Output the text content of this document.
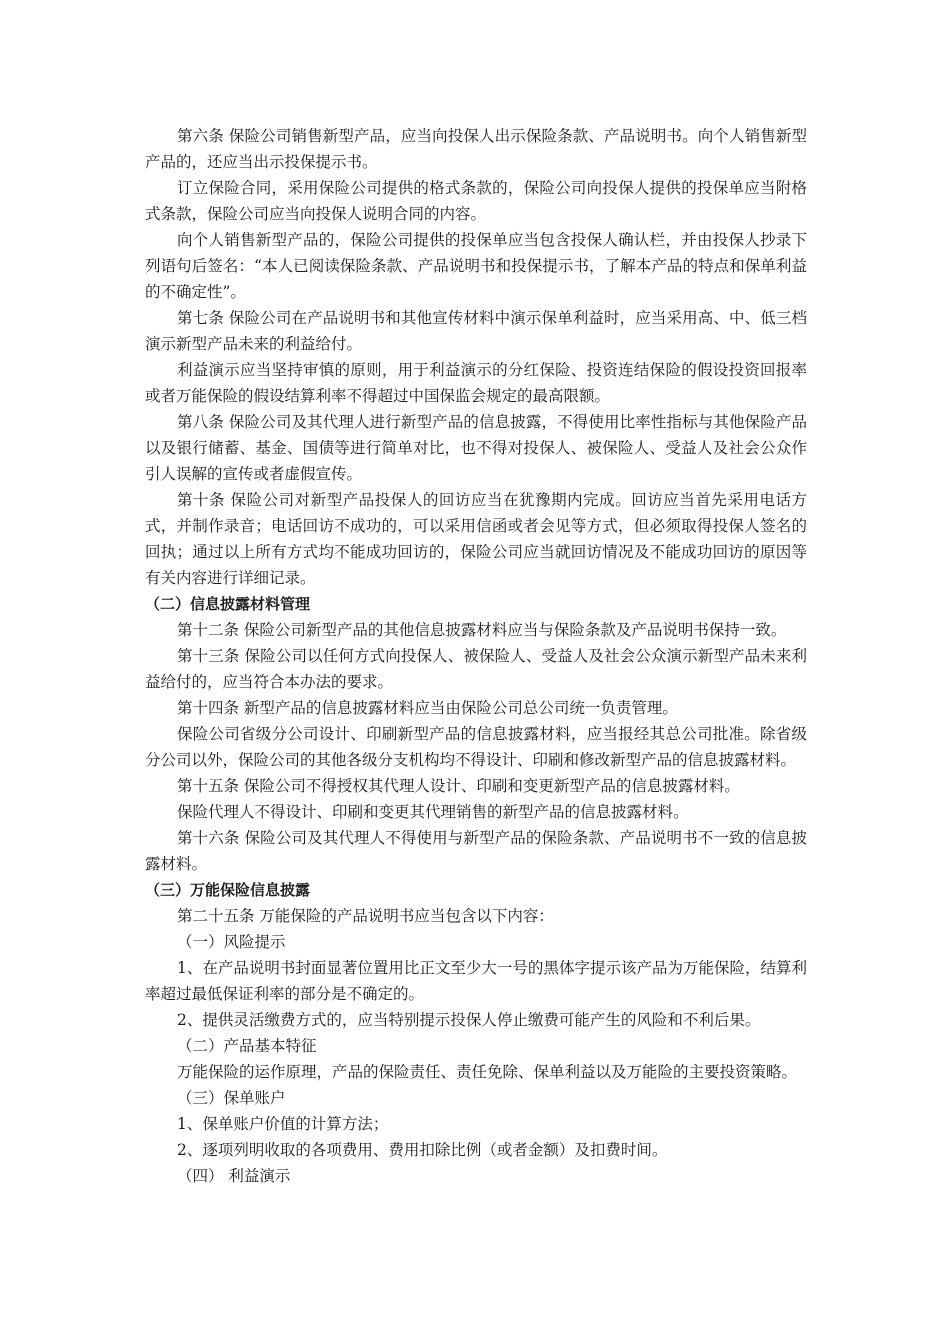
第六条 保险公司销售新型产品，应当向投保人出示保险条款、产品说明书。向个人销售新型产品的，还应当出示投保提示书。

订立保险合同，采用保险公司提供的格式条款的，保险公司向投保人提供的投保单应当附格式条款，保险公司应当向投保人说明合同的内容。

向个人销售新型产品的，保险公司提供的投保单应当包含投保人确认栏，并由投保人抄录下列语句后签名：“本人已阅读保险条款、产品说明书和投保提示书，了解本产品的特点和保单利益的不确定性”。

第七条 保险公司在产品说明书和其他宣传材料中演示保单利益时，应当采用高、中、低三档演示新型产品未来的利益给付。

利益演示应当坚持审慎的原则，用于利益演示的分红保险、投资连结保险的假设投资回报率或者万能保险的假设结算利率不得超过中国保监会规定的最高限额。

第八条 保险公司及其代理人进行新型产品的信息披露，不得使用比率性指标与其他保险产品以及银行储蓄、基金、国债等进行简单对比，也不得对投保人、被保险人、受益人及社会公众作引人误解的宣传或者虚假宣传。

第十条 保险公司对新型产品投保人的回访应当在犹豫期内完成。回访应当首先采用电话方式，并制作录音；电话回访不成功的，可以采用信函或者会见等方式，但必须取得投保人签名的回执；通过以上所有方式均不能成功回访的，保险公司应当就回访情况及不能成功回访的原因等有关内容进行详细记录。

（二）信息披露材料管理

第十二条 保险公司新型产品的其他信息披露材料应当与保险条款及产品说明书保持一致。

第十三条 保险公司以任何方式向投保人、被保险人、受益人及社会公众演示新型产品未来利益给付的，应当符合本办法的要求。

第十四条 新型产品的信息披露材料应当由保险公司总公司统一负责管理。

保险公司省级分公司设计、印刷新型产品的信息披露材料，应当报经其总公司批准。除省级分公司以外，保险公司的其他各级分支机构均不得设计、印刷和修改新型产品的信息披露材料。

第十五条 保险公司不得授权其代理人设计、印刷和变更新型产品的信息披露材料。

保险代理人不得设计、印刷和变更其代理销售的新型产品的信息披露材料。

第十六条 保险公司及其代理人不得使用与新型产品的保险条款、产品说明书不一致的信息披露材料。

（三）万能保险信息披露

第二十五条 万能保险的产品说明书应当包含以下内容：

（一）风险提示

1、在产品说明书封面显著位置用比正文至少大一号的黑体字提示该产品为万能保险，结算利率超过最低保证利率的部分是不确定的。

2、提供灵活缴费方式的，应当特别提示投保人停止缴费可能产生的风险和不利后果。

（二）产品基本特征

万能保险的运作原理，产品的保险责任、责任免除、保单利益以及万能险的主要投资策略。

（三）保单账户

1、保单账户价值的计算方法；

2、逐项列明收取的各项费用、费用扣除比例（或者金额）及扣费时间。

（四） 利益演示
